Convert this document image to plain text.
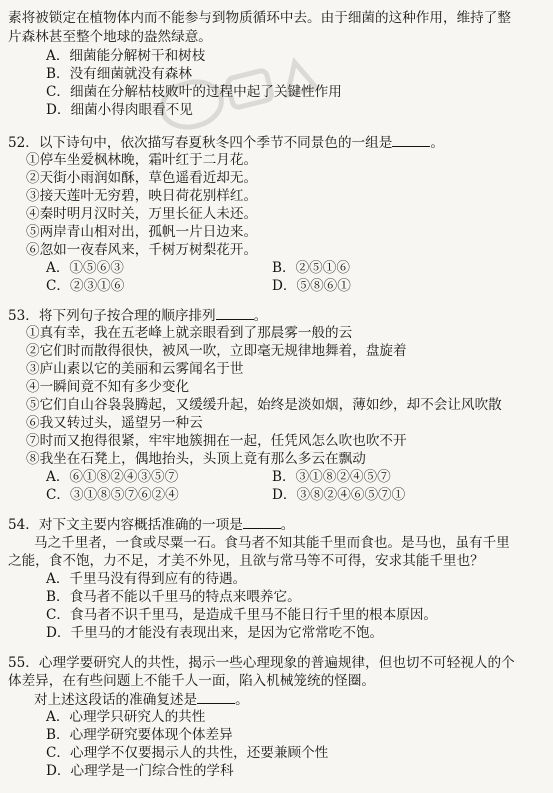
素将被锁定在植物体内而不能参与到物质循环中去。由于细菌的这种作用，维持了整
片森林甚至整个地球的盎然绿意。
A．细菌能分解树干和树枝
B．没有细菌就没有森林
C．细菌在分解枯枝败叶的过程中起了关键性作用
D．细菌小得肉眼看不见
52．以下诗句中，依次描写春夏秋冬四个季节不同景色的一组是	。
①停车坐爱枫林晚，霜叶红于二月花。
②天街小雨润如酥，草色遥看近却无。
③接天莲叶无穷碧，映日荷花别样红。
④秦时明月汉时关，万里长征人未还。
⑤两岸青山相对出，孤帆一片日边来。
⑥忽如一夜春风来，千树万树梨花开。
A．①⑤⑥③	B．②⑤①⑥
C．②③①⑥	D．⑤⑧⑥①
53．将下列句子按合理的顺序排列	。
①真有幸，我在五老峰上就亲眼看到了那晨雾一般的云
②它们时而散得很快，被风一吹，立即毫无规律地舞着，盘旋着
③庐山素以它的美丽和云雾闻名于世
④一瞬间竟不知有多少变化
⑤它们自山谷袅袅腾起，又缓缓升起，始终是淡如烟，薄如纱，却不会让风吹散
⑥我又转过头，遥望另一种云
⑦时而又抱得很紧，牢牢地簇拥在一起，任凭风怎么吹也吹不开
⑧我坐在石凳上，偶地抬头，头顶上竟有那么多云在飘动
A．⑥①⑧②④③⑤⑦	B．③①⑧②④⑤⑦
C．③①⑧⑤⑦⑥②④	D．③⑧②④⑥⑤⑦①
54．对下文主要内容概括准确的一项是	。
马之千里者，一食或尽粟一石。食马者不知其能千里而食也。是马也，虽有千里
之能，食不饱，力不足，才美不外见，且欲与常马等不可得，安求其能千里也？
A．千里马没有得到应有的待遇。
B．食马者不能以千里马的特点来喂养它。
C．食马者不识千里马，是造成千里马不能日行千里的根本原因。
D．千里马的才能没有表现出来，是因为它常常吃不饱。
55．心理学要研究人的共性，揭示一些心理现象的普遍规律，但也切不可轻视人的个
体差异，在有些问题上不能千人一面，陷入机械笼统的怪圈。
对上述这段话的准确复述是	。
A．心理学只研究人的共性
B．心理学研究要体现个体差异
C．心理学不仅要揭示人的共性，还要兼顾个性
D．心理学是一门综合性的学科
